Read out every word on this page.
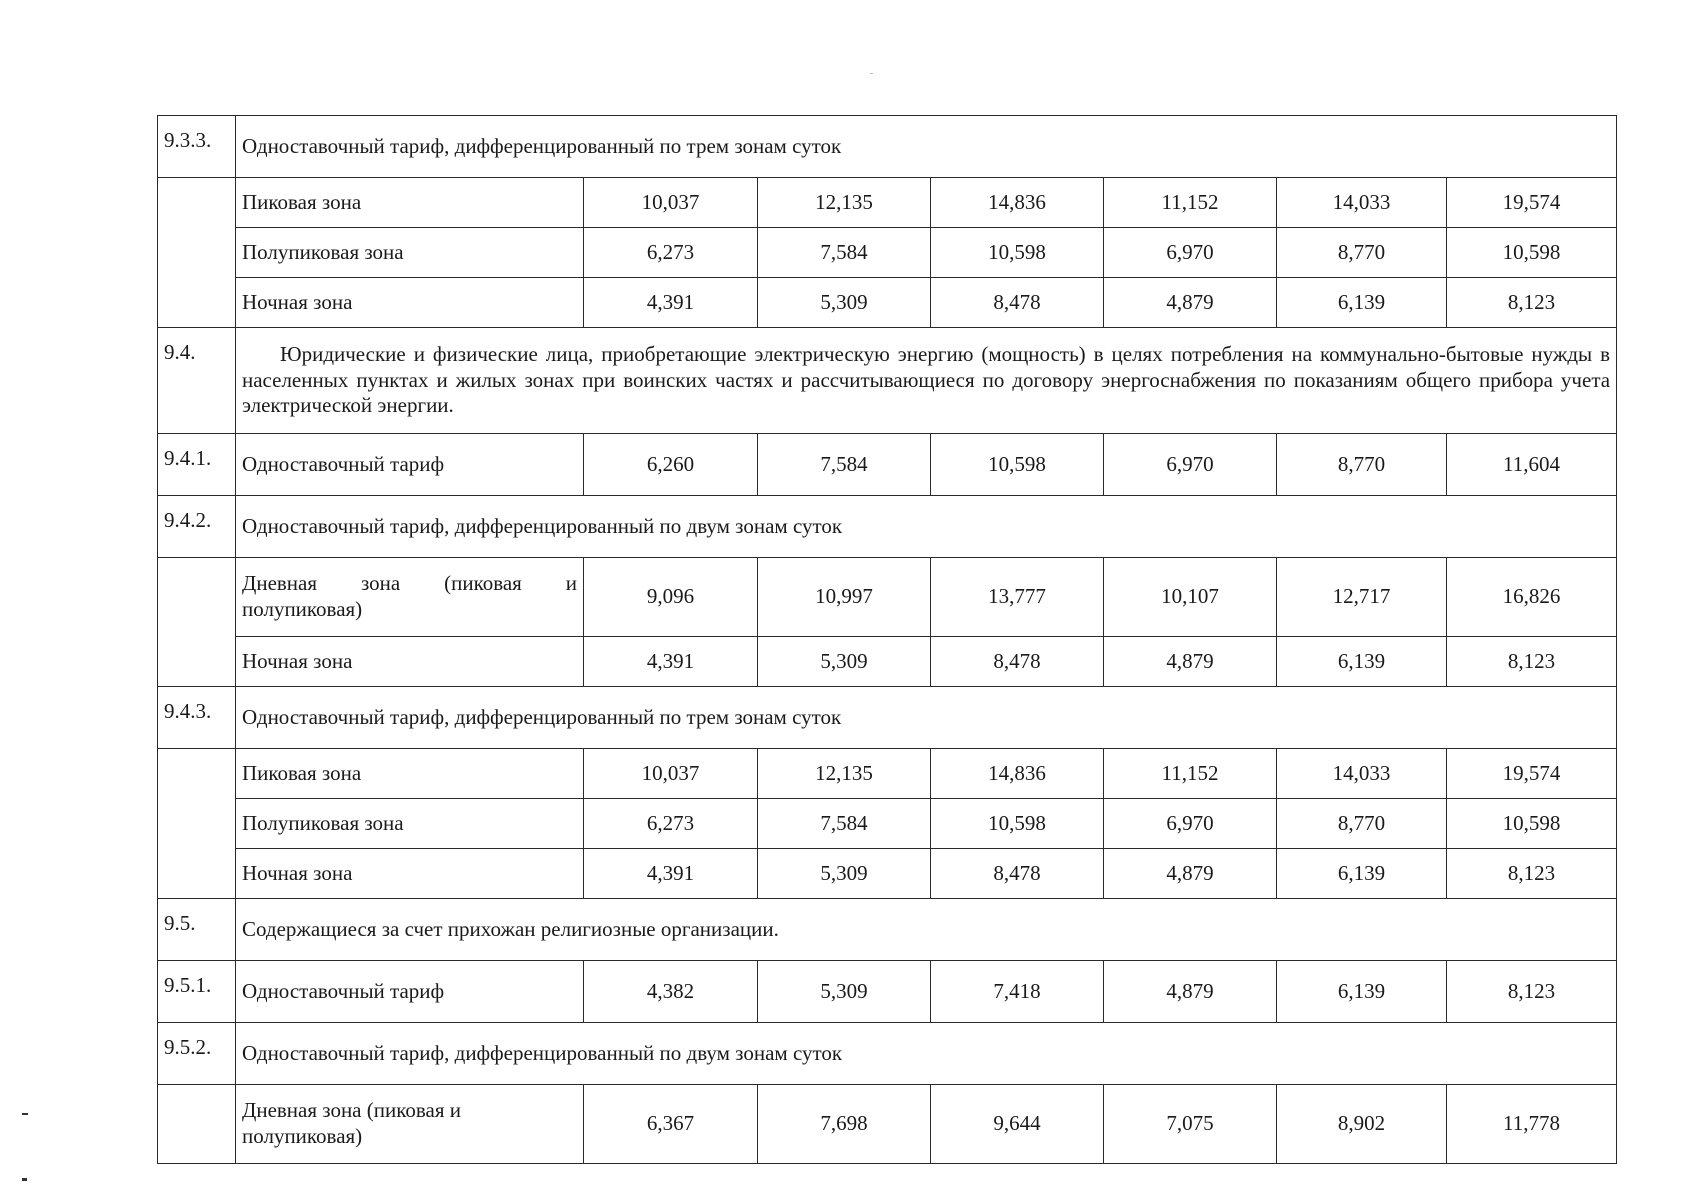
9.3.3.	Одноставочный тариф, дифференцированный по трем зонам суток						
	Пиковая зона	10,037	12,135	14,836	11,152	14,033	19,574
	Полупиковая зона	6,273	7,584	10,598	6,970	8,770	10,598
	Ночная зона	4,391	5,309	8,478	4,879	6,139	8,123
9.4.	Юридические и физические лица, приобретающие электрическую энергию (мощность) в целях потребления на коммунально-бытовые нужды в населенных пунктах и жилых зонах при воинских частях и рассчитывающиеся по договору энергоснабжения по показаниям общего прибора учета электрической энергии.						
9.4.1.	Одноставочный тариф	6,260	7,584	10,598	6,970	8,770	11,604
9.4.2.	Одноставочный тариф, дифференцированный по двум зонам суток						
	Дневная зона (пиковая и полупиковая)	9,096	10,997	13,777	10,107	12,717	16,826
	Ночная зона	4,391	5,309	8,478	4,879	6,139	8,123
9.4.3.	Одноставочный тариф, дифференцированный по трем зонам суток						
	Пиковая зона	10,037	12,135	14,836	11,152	14,033	19,574
	Полупиковая зона	6,273	7,584	10,598	6,970	8,770	10,598
	Ночная зона	4,391	5,309	8,478	4,879	6,139	8,123
9.5.	Содержащиеся за счет прихожан религиозные организации.						
9.5.1.	Одноставочный тариф	4,382	5,309	7,418	4,879	6,139	8,123
9.5.2.	Одноставочный тариф, дифференцированный по двум зонам суток						
	Дневная зона (пиковая и полупиковая)	6,367	7,698	9,644	7,075	8,902	11,778
